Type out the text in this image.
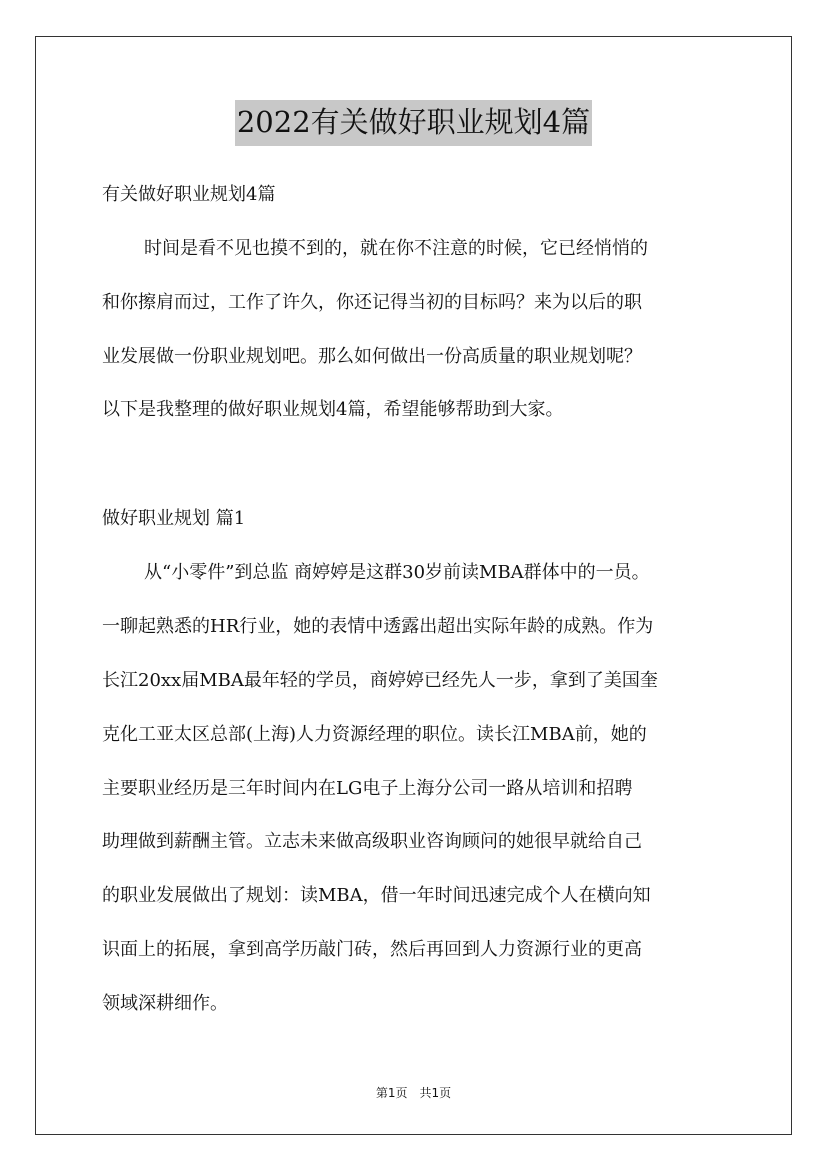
2022有关做好职业规划4篇
有关做好职业规划4篇
时间是看不见也摸不到的，就在你不注意的时候，它已经悄悄的
和你擦肩而过，工作了许久，你还记得当初的目标吗？来为以后的职
业发展做一份职业规划吧。那么如何做出一份高质量的职业规划呢？
以下是我整理的做好职业规划4篇，希望能够帮助到大家。
做好职业规划 篇1
从“小零件”到总监 商婷婷是这群30岁前读MBA群体中的一员。
一聊起熟悉的HR行业，她的表情中透露出超出实际年龄的成熟。作为
长江20xx届MBA最年轻的学员，商婷婷已经先人一步，拿到了美国奎
克化工亚太区总部(上海)人力资源经理的职位。读长江MBA前，她的
主要职业经历是三年时间内在LG电子上海分公司一路从培训和招聘
助理做到薪酬主管。立志未来做高级职业咨询顾问的她很早就给自己
的职业发展做出了规划：读MBA，借一年时间迅速完成个人在横向知
识面上的拓展，拿到高学历敲门砖，然后再回到人力资源行业的更高
领域深耕细作。
第1页　共1页
